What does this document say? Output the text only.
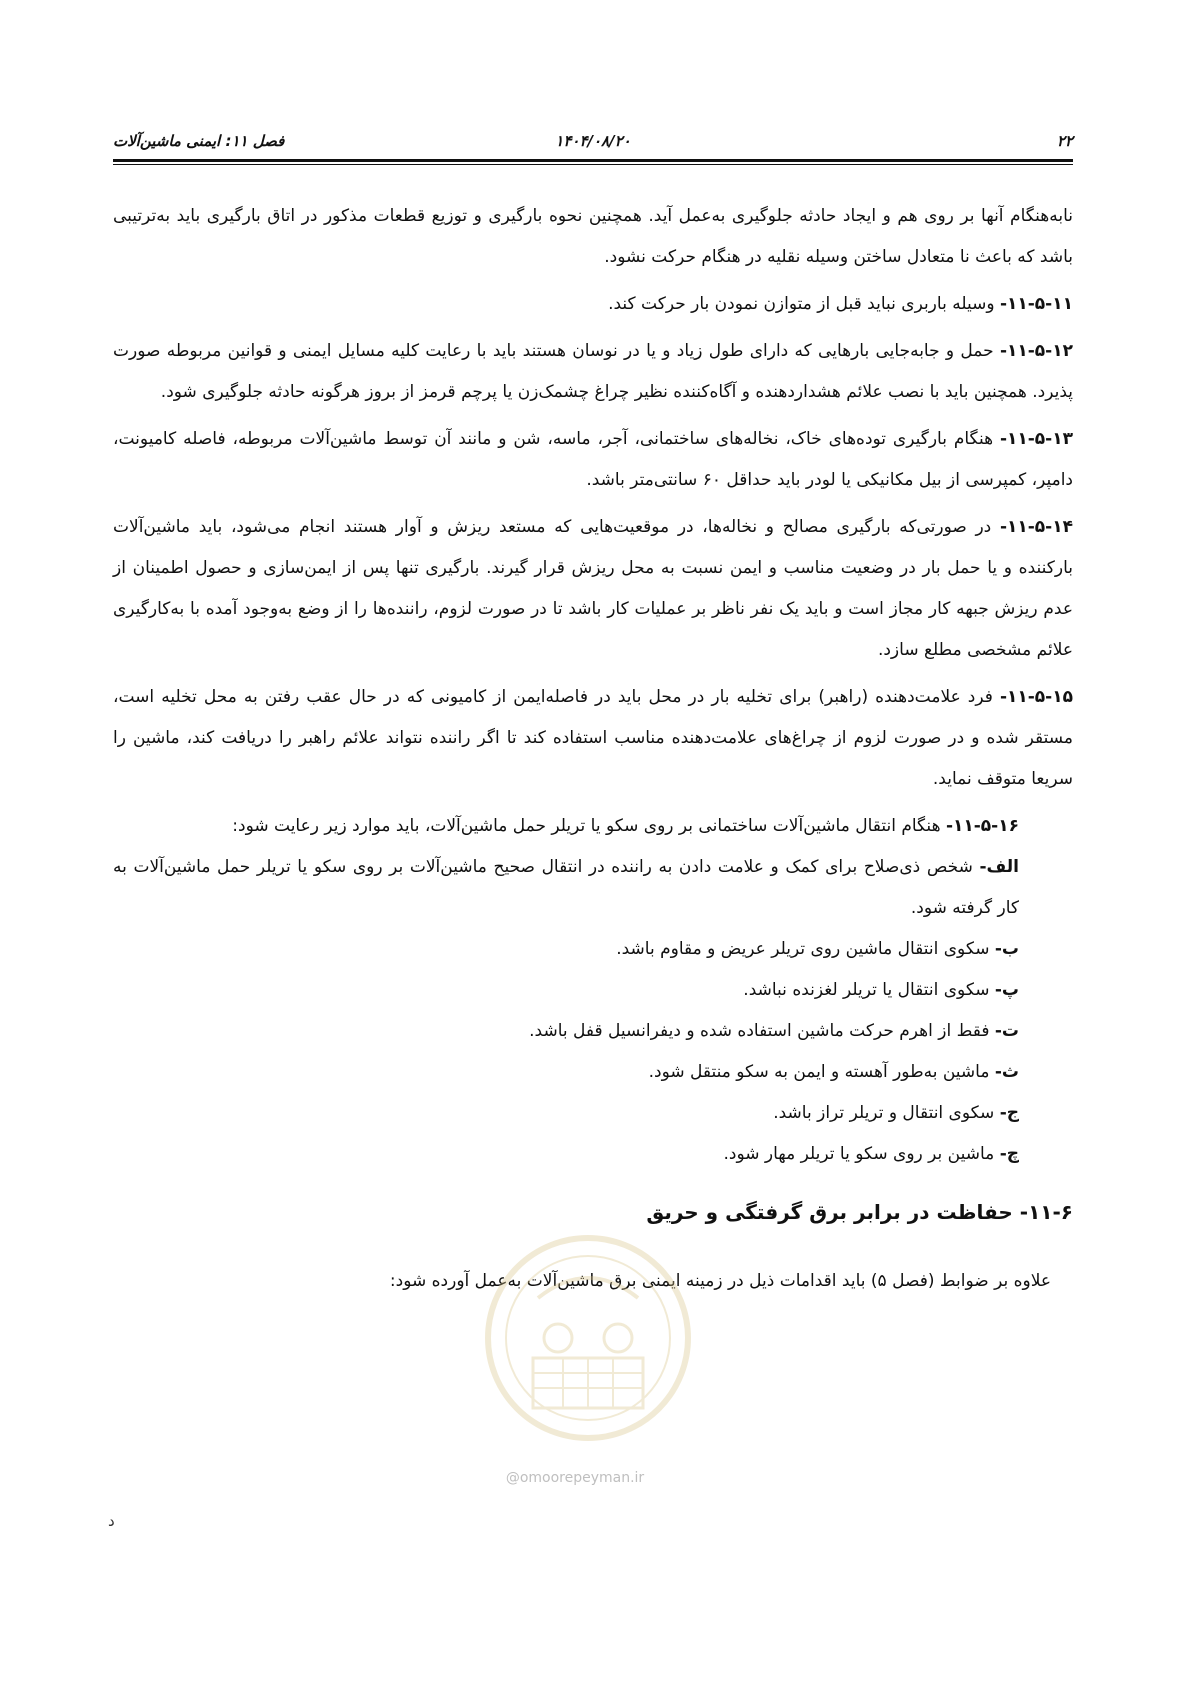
۲۲
۱۴۰۴/۰۸/۲۰
فصل ۱۱: ایمنی ماشین‌آلات

نابه‌هنگام آنها بر روی هم و ایجاد حادثه جلوگیری به‌عمل آید. همچنین نحوه بارگیری و توزیع قطعات مذکور در اتاق بارگیری باید به‌ترتیبی باشد که باعث نا متعادل ساختن وسیله نقلیه در هنگام حرکت نشود.

۱۱-۵-۱۱- وسیله باربری نباید قبل از متوازن نمودن بار حرکت کند.

۱۱-۵-۱۲- حمل و جابه‌جایی بارهایی که دارای طول زیاد و یا در نوسان هستند باید با رعایت کلیه مسایل ایمنی و قوانین مربوطه صورت پذیرد. همچنین باید با نصب علائم هشداردهنده و آگاه‌کننده نظیر چراغ چشمک‌زن یا پرچم قرمز از بروز هرگونه حادثه جلوگیری شود.

۱۱-۵-۱۳- هنگام بارگیری توده‌های خاک، نخاله‌های ساختمانی، آجر، ماسه، شن و مانند آن توسط ماشین‌آلات مربوطه، فاصله کامیونت، دامپر، کمپرسی از بیل مکانیکی یا لودر باید حداقل ۶۰ سانتی‌متر باشد.

۱۱-۵-۱۴- در صورتی‌که بارگیری مصالح و نخاله‌ها، در موقعیت‌هایی که مستعد ریزش و آوار هستند انجام می‌شود، باید ماشین‌آلات بارکننده و یا حمل بار در وضعیت مناسب و ایمن نسبت به محل ریزش قرار گیرند. بارگیری تنها پس از ایمن‌سازی و حصول اطمینان از عدم ریزش جبهه کار مجاز است و باید یک نفر ناظر بر عملیات کار باشد تا در صورت لزوم، راننده‌ها را از وضع به‌وجود آمده با به‌کارگیری علائم مشخصی مطلع سازد.

۱۱-۵-۱۵- فرد علامت‌دهنده (راهبر) برای تخلیه بار در محل باید در فاصله‌ایمن از کامیونی که در حال عقب رفتن به محل تخلیه است، مستقر شده و در صورت لزوم از چراغ‌های علامت‌دهنده مناسب استفاده کند تا اگر راننده نتواند علائم راهبر را دریافت کند، ماشین را سریعا متوقف نماید.

۱۱-۵-۱۶- هنگام انتقال ماشین‌آلات ساختمانی بر روی سکو یا تریلر حمل ماشین‌آلات، باید موارد زیر رعایت شود:

الف- شخص ذی‌صلاح برای کمک و علامت دادن به راننده در انتقال صحیح ماشین‌آلات بر روی سکو یا تریلر حمل ماشین‌آلات به کار گرفته شود.

ب- سکوی انتقال ماشین روی تریلر عریض و مقاوم باشد.

پ- سکوی انتقال یا تریلر لغزنده نباشد.

ت- فقط از اهرم حرکت ماشین استفاده شده و دیفرانسیل قفل باشد.

ث- ماشین به‌طور آهسته و ایمن به سکو منتقل شود.

ج- سکوی انتقال و تریلر تراز باشد.

چ- ماشین بر روی سکو یا تریلر مهار شود.

۱۱-۶- حفاظت در برابر برق گرفتگی و حریق

علاوه بر ضوابط (فصل ۵) باید اقدامات ذیل در زمینه ایمنی برق ماشین‌آلات به‌عمل آورده شود:

@omoorepeyman.ir
د
